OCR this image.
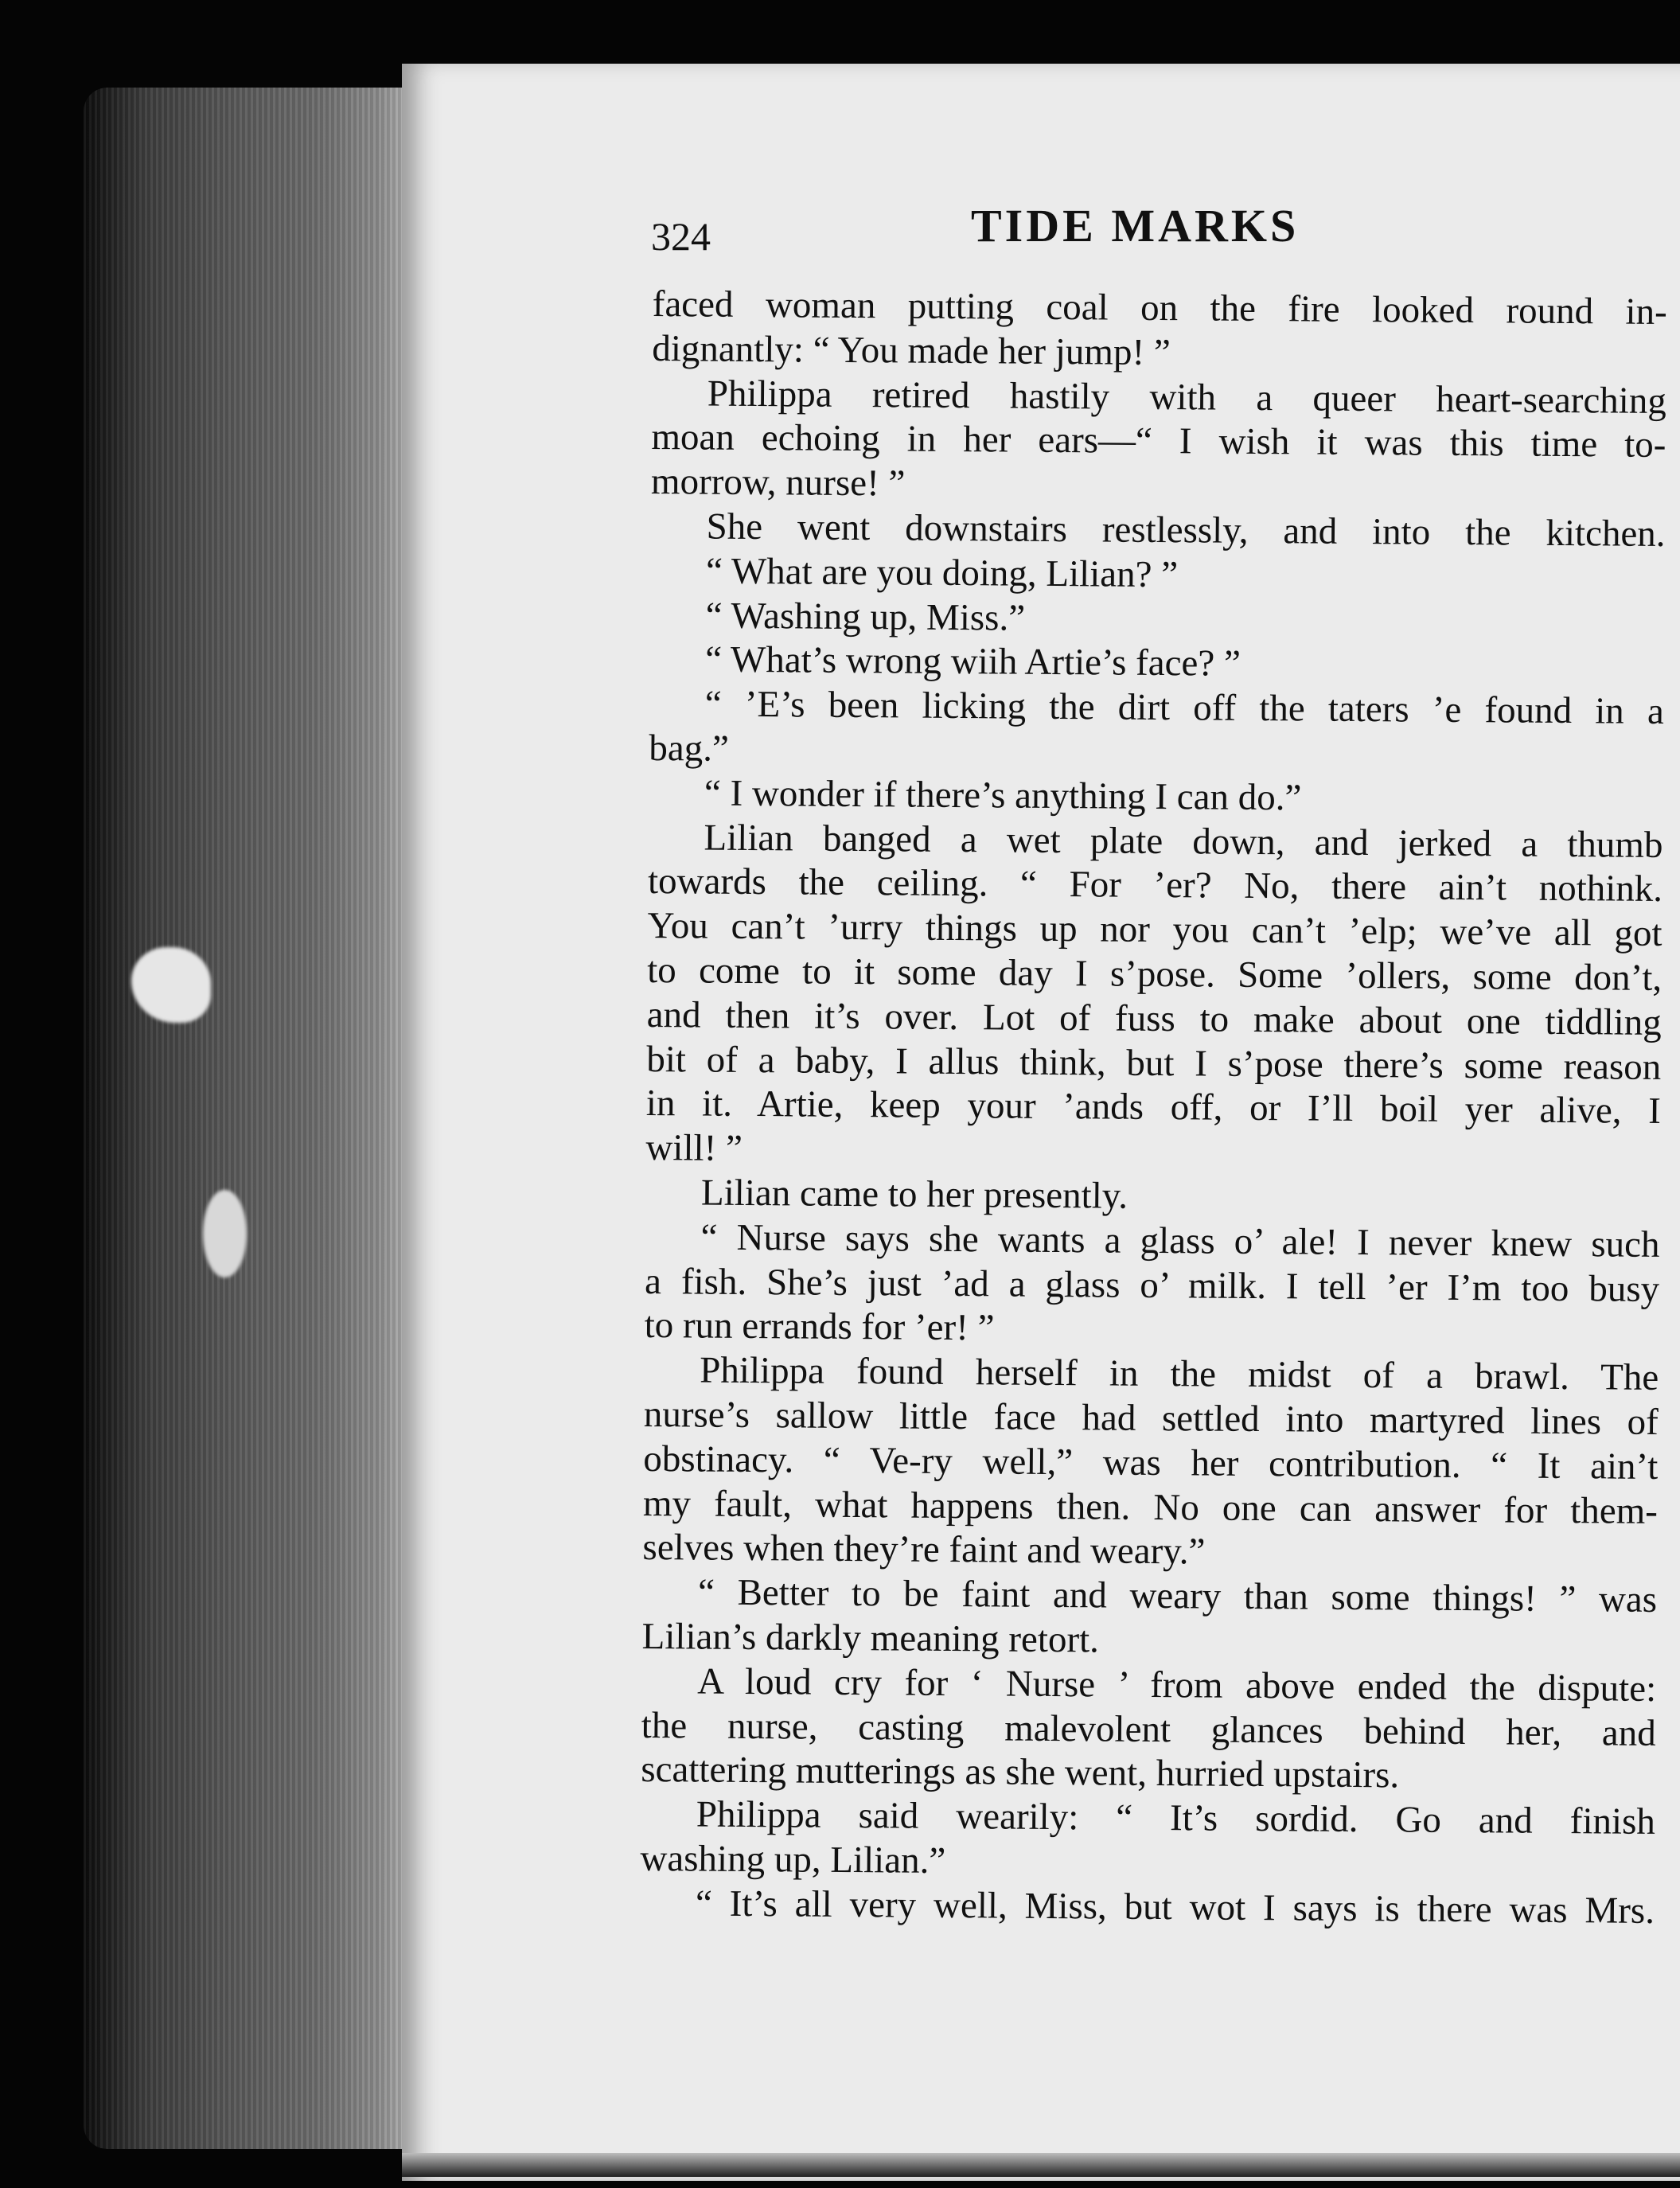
324	TIDE MARKS
faced woman putting coal on the fire looked round in-
dignantly: “ You made her jump! ”
Philippa retired hastily with a queer heart-searching
moan echoing in her ears—“ I wish it was this time to-
morrow, nurse! ”
She went downstairs restlessly, and into the kitchen.
“ What are you doing, Lilian? ”
“ Washing up, Miss.”
“ What’s wrong wiih Artie’s face? ”
“ ’E’s been licking the dirt off the taters ’e found in a
bag.”
“ I wonder if there’s anything I can do.”
Lilian banged a wet plate down, and jerked a thumb
towards the ceiling. “ For ’er? No, there ain’t nothink.
You can’t ’urry things up nor you can’t ’elp; we’ve all got
to come to it some day I s’pose. Some ’ollers, some don’t,
and then it’s over. Lot of fuss to make about one tiddling
bit of a baby, I allus think, but I s’pose there’s some reason
in it. Artie, keep your ’ands off, or I’ll boil yer alive, I
will! ”
Lilian came to her presently.
“ Nurse says she wants a glass o’ ale! I never knew such
a fish. She’s just ’ad a glass o’ milk. I tell ’er I’m too busy
to run errands for ’er! ”
Philippa found herself in the midst of a brawl. The
nurse’s sallow little face had settled into martyred lines of
obstinacy. “ Ve-ry well,” was her contribution. “ It ain’t
my fault, what happens then. No one can answer for them-
selves when they’re faint and weary.”
“ Better to be faint and weary than some things! ” was
Lilian’s darkly meaning retort.
A loud cry for ‘ Nurse ’ from above ended the dispute:
the nurse, casting malevolent glances behind her, and
scattering mutterings as she went, hurried upstairs.
Philippa said wearily: “ It’s sordid. Go and finish
washing up, Lilian.”
“ It’s all very well, Miss, but wot I says is there was Mrs.
